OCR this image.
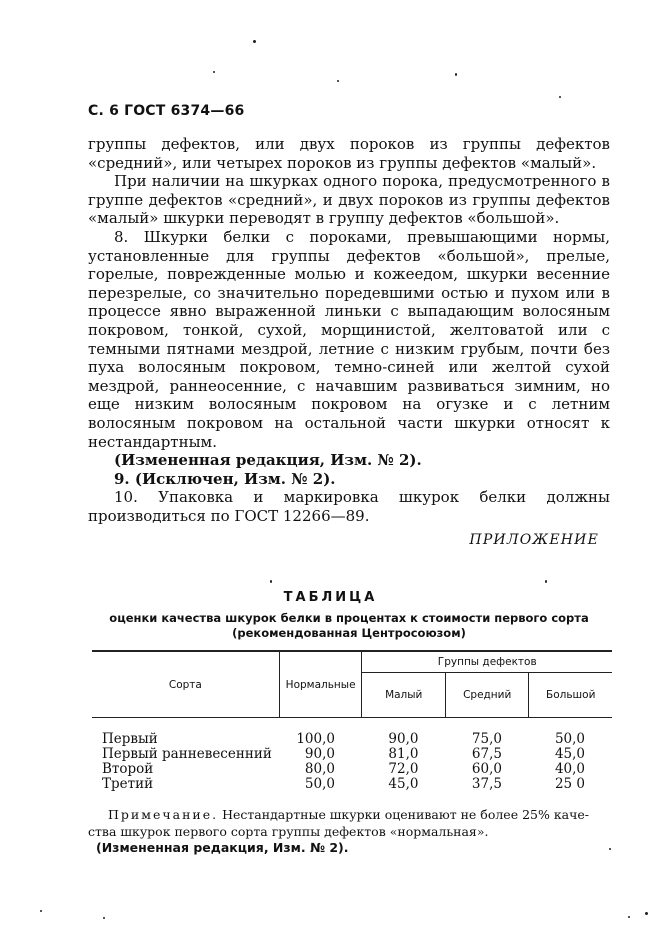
С. 6 ГОСТ 6374—66

группы дефектов, или двух пороков из группы дефектов «средний», или четырех пороков из группы дефектов «малый».

При наличии на шкурках одного порока, предусмотренного в группе дефектов «средний», и двух пороков из группы дефектов «малый» шкурки переводят в группу дефектов «большой».

8. Шкурки белки с пороками, превышающими нормы, установленные для группы дефектов «большой», прелые, горелые, поврежденные молью и кожеедом, шкурки весенние перезрелые, со значительно поредевшими остью и пухом или в процессе явно выраженной линьки с выпадающим волосяным покровом, тонкой, сухой, морщинистой, желтоватой или с темными пятнами мездрой, летние с низким грубым, почти без пуха волосяным покровом, темно-синей или желтой сухой мездрой, раннеосенние, с начавшим развиваться зимним, но еще низким волосяным покровом на огузке и с летним волосяным покровом на остальной части шкурки относят к нестандартным.

(Измененная редакция, Изм. № 2).

9. (Исключен, Изм. № 2).

10. Упаковка и маркировка шкурок белки должны производиться по ГОСТ 12266—89.

ПРИЛОЖЕНИЕ
ТАБЛИЦА
оценки качества шкурок белки в процентах к стоимости первого сорта
(рекомендованная Центросоюзом)
Сорта	Нормальные	Группы дефектов		
		Малый	Средний	Большой

Первый	100,0	90,0	75,0	50,0
Первый ранневесенний	90,0	81,0	67,5	45,0
Второй	80,0	72,0	60,0	40,0
Третий	50,0	45,0	37,5	25 0
Примечание. Нестандартные шкурки оценивают не более 25% каче-
ства шкурок первого сорта группы дефектов «нормальная».
(Измененная редакция, Изм. № 2).
